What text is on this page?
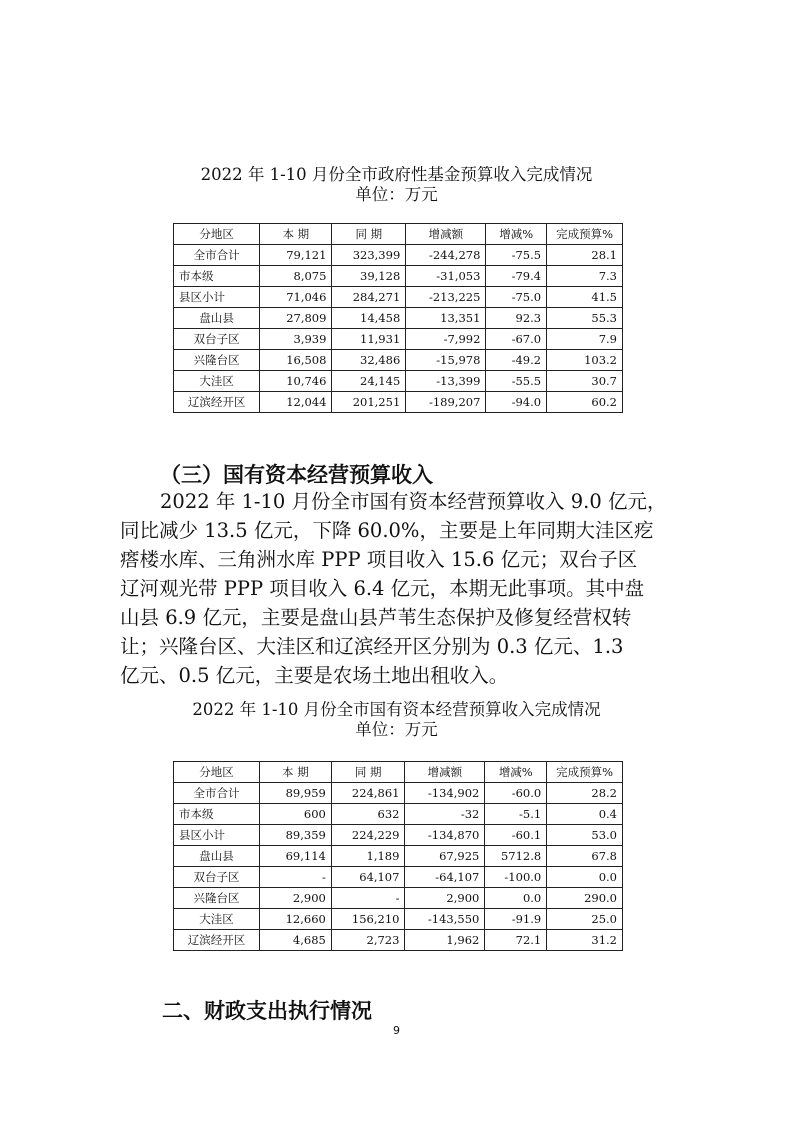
2022 年 1-10 月份全市政府性基金预算收入完成情况
单位：万元
分地区	本 期	同 期	增减额	增减%	完成预算%
全市合计	79,121	323,399	-244,278	-75.5	28.1
市本级	8,075	39,128	-31,053	-79.4	7.3
县区小计	71,046	284,271	-213,225	-75.0	41.5
盘山县	27,809	14,458	13,351	92.3	55.3
双台子区	3,939	11,931	-7,992	-67.0	7.9
兴隆台区	16,508	32,486	-15,978	-49.2	103.2
大洼区	10,746	24,145	-13,399	-55.5	30.7
辽滨经开区	12,044	201,251	-189,207	-94.0	60.2
（三）国有资本经营预算收入
2022 年 1-10 月份全市国有资本经营预算收入 9.0 亿元，
同比减少 13.5 亿元，下降 60.0%，主要是上年同期大洼区疙
瘩楼水库、三角洲水库 PPP 项目收入 15.6 亿元；双台子区
辽河观光带 PPP 项目收入 6.4 亿元，本期无此事项。其中盘
山县 6.9 亿元，主要是盘山县芦苇生态保护及修复经营权转
让；兴隆台区、大洼区和辽滨经开区分别为 0.3 亿元、1.3
亿元、0.5 亿元，主要是农场土地出租收入。
2022 年 1-10 月份全市国有资本经营预算收入完成情况
单位：万元
分地区	本 期	同 期	增减额	增减%	完成预算%
全市合计	89,959	224,861	-134,902	-60.0	28.2
市本级	600	632	-32	-5.1	0.4
县区小计	89,359	224,229	-134,870	-60.1	53.0
盘山县	69,114	1,189	67,925	5712.8	67.8
双台子区	-	64,107	-64,107	-100.0	0.0
兴隆台区	2,900	-	2,900	0.0	290.0
大洼区	12,660	156,210	-143,550	-91.9	25.0
辽滨经开区	4,685	2,723	1,962	72.1	31.2
二、财政支出执行情况
9
